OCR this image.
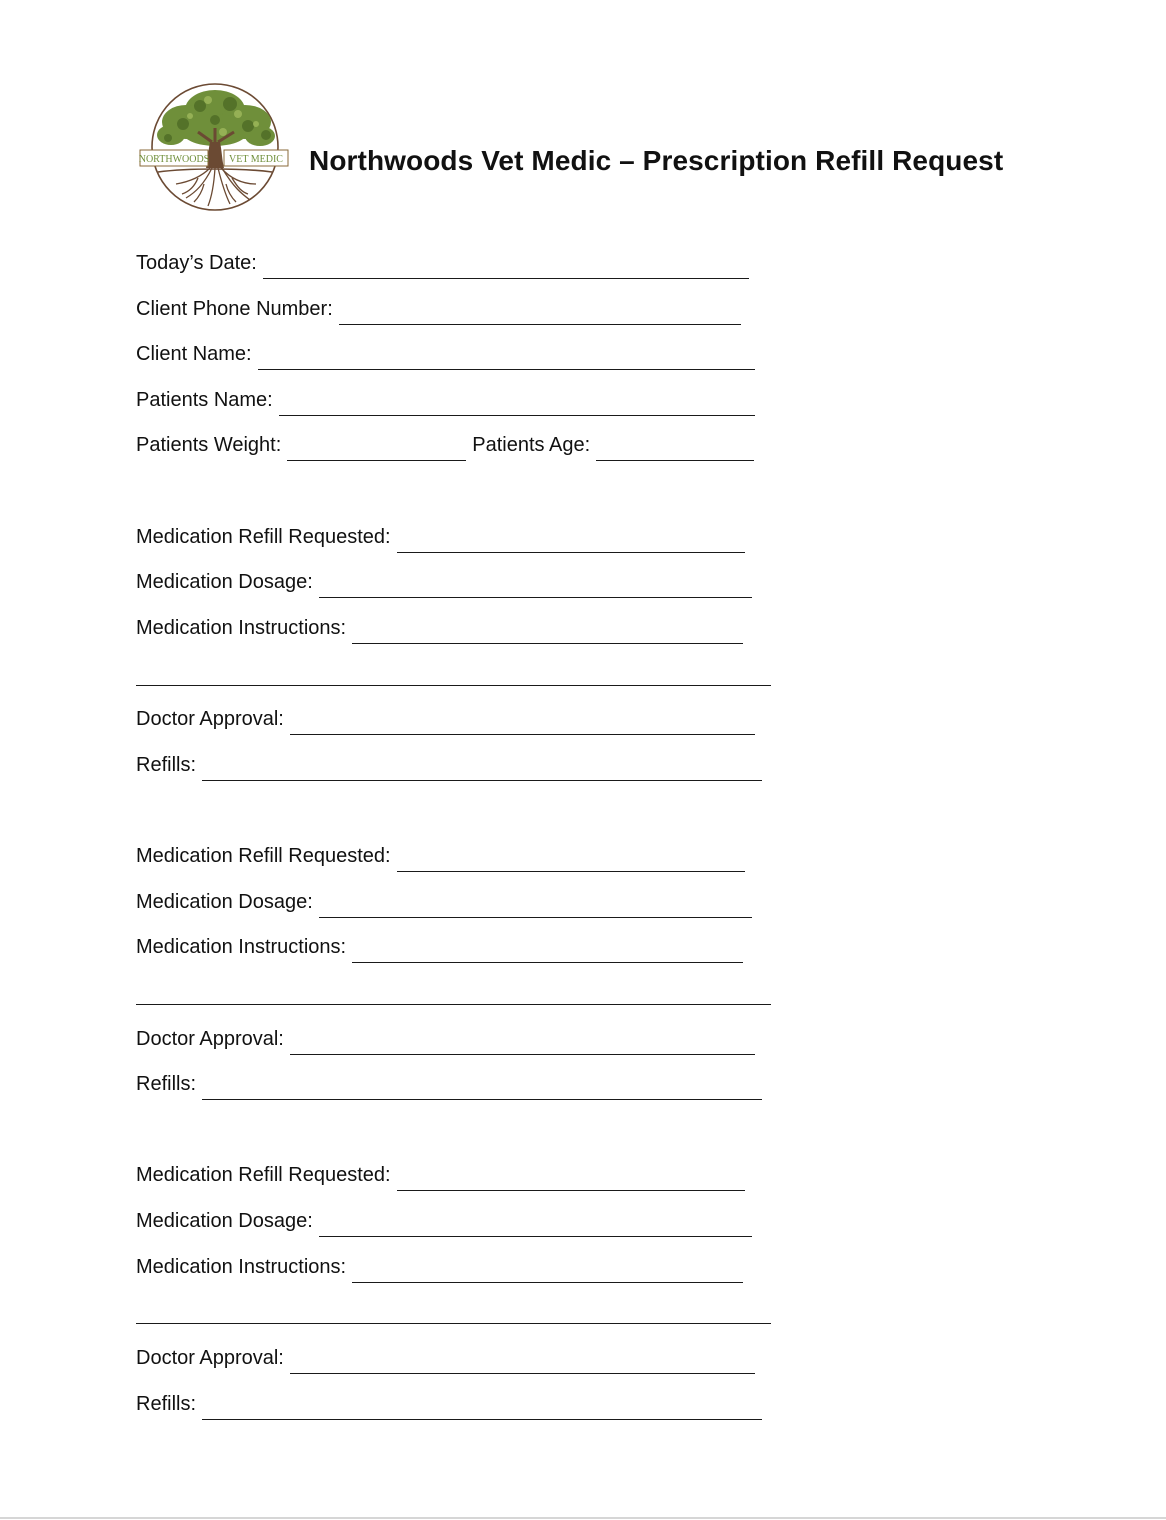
NORTHWOODS VET MEDIC Northwoods Vet Medic – Prescription Refill Request
Today’s Date:
Client Phone Number:
Client Name:
Patients Name:
Patients Weight:	Patients Age:
Medication Refill Requested:
Medication Dosage:
Medication Instructions:
Doctor Approval:
Refills:
Medication Refill Requested:
Medication Dosage:
Medication Instructions:
Doctor Approval:
Refills:
Medication Refill Requested:
Medication Dosage:
Medication Instructions:
Doctor Approval:
Refills:
